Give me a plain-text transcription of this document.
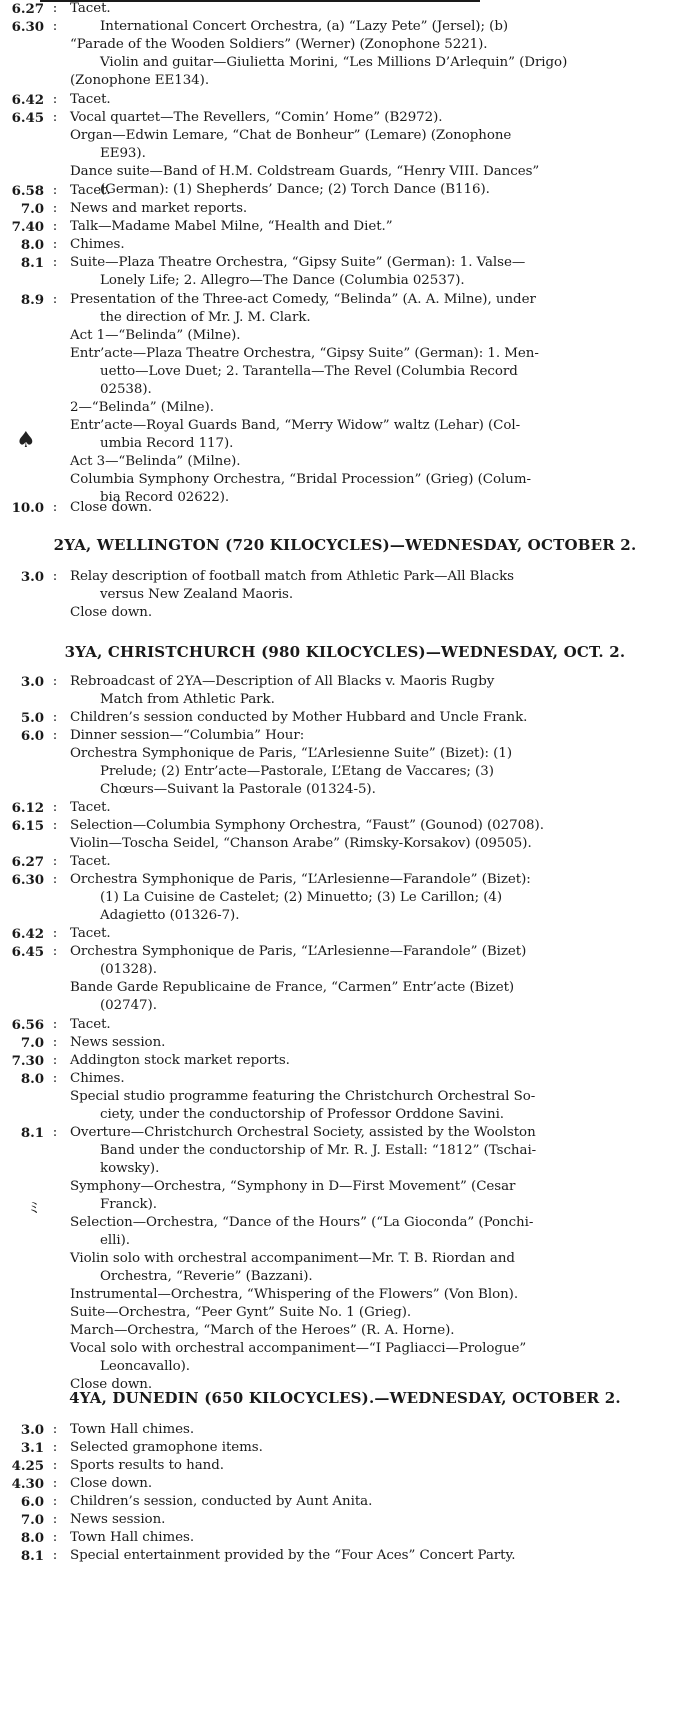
♠
ﾐ
6.27 : Tacet.
6.30 :	International Concert Orchestra, (a) “Lazy Pete” (Jersel); (b)
“Parade of the Wooden Soldiers” (Werner) (Zonophone 5221).
Violin and guitar—Giulietta Morini, “Les Millions D’Arlequin” (Drigo)
(Zonophone EE134).
6.42 : Tacet.
6.45 : Vocal quartet—The Revellers, “Comin’ Home” (B2972).
Organ—Edwin Lemare, “Chat de Bonheur” (Lemare) (Zonophone
EE93).
Dance suite—Band of H.M. Coldstream Guards, “Henry VIII. Dances”
(German): (1) Shepherds’ Dance; (2) Torch Dance (B116).
6.58 : Tacet.
7.0 : News and market reports.
7.40 : Talk—Madame Mabel Milne, “Health and Diet.”
8.0 : Chimes.
8.1 : Suite—Plaza Theatre Orchestra, “Gipsy Suite” (German): 1. Valse—
Lonely Life; 2. Allegro—The Dance (Columbia 02537).
8.9 : Presentation of the Three-act Comedy, “Belinda” (A. A. Milne), under
the direction of Mr. J. M. Clark.
Act 1—“Belinda” (Milne).
Entr’acte—Plaza Theatre Orchestra, “Gipsy Suite” (German): 1. Men-
uetto—Love Duet; 2. Tarantella—The Revel (Columbia Record
02538).
2—“Belinda” (Milne).
Entr’acte—Royal Guards Band, “Merry Widow” waltz (Lehar) (Col-
umbia Record 117).
Act 3—“Belinda” (Milne).
Columbia Symphony Orchestra, “Bridal Procession” (Grieg) (Colum-
bia Record 02622).
10.0 : Close down.
2YA, WELLINGTON (720 KILOCYCLES)—WEDNESDAY, OCTOBER 2.
3.0 : Relay description of football match from Athletic Park—All Blacks
versus New Zealand Maoris.
Close down.
3YA, CHRISTCHURCH (980 KILOCYCLES)—WEDNESDAY, OCT. 2.
3.0 : Rebroadcast of 2YA—Description of All Blacks v. Maoris Rugby
Match from Athletic Park.
5.0 : Children’s session conducted by Mother Hubbard and Uncle Frank.
6.0 : Dinner session—“Columbia” Hour:
Orchestra Symphonique de Paris, “L’Arlesienne Suite” (Bizet): (1)
Prelude; (2) Entr’acte—Pastorale, L’Etang de Vaccares; (3)
Chœurs—Suivant la Pastorale (01324-5).
6.12 : Tacet.
6.15 : Selection—Columbia Symphony Orchestra, “Faust” (Gounod) (02708).
Violin—Toscha Seidel, “Chanson Arabe” (Rimsky-Korsakov) (09505).
6.27 : Tacet.
6.30 : Orchestra Symphonique de Paris, “L’Arlesienne—Farandole” (Bizet):
(1) La Cuisine de Castelet; (2) Minuetto; (3) Le Carillon; (4)
Adagietto (01326-7).
6.42 : Tacet.
6.45 : Orchestra Symphonique de Paris, “L’Arlesienne—Farandole” (Bizet)
(01328).
Bande Garde Republicaine de France, “Carmen” Entr’acte (Bizet)
(02747).
6.56 : Tacet.
7.0 : News session.
7.30 : Addington stock market reports.
8.0 : Chimes.
Special studio programme featuring the Christchurch Orchestral So-
ciety, under the conductorship of Professor Orddone Savini.
8.1 : Overture—Christchurch Orchestral Society, assisted by the Woolston
Band under the conductorship of Mr. R. J. Estall: “1812” (Tschai-
kowsky).
Symphony—Orchestra, “Symphony in D—First Movement” (Cesar
Franck).
Selection—Orchestra, “Dance of the Hours” (“La Gioconda” (Ponchi-
elli).
Violin solo with orchestral accompaniment—Mr. T. B. Riordan and
Orchestra, “Reverie” (Bazzani).
Instrumental—Orchestra, “Whispering of the Flowers” (Von Blon).
Suite—Orchestra, “Peer Gynt” Suite No. 1 (Grieg).
March—Orchestra, “March of the Heroes” (R. A. Horne).
Vocal solo with orchestral accompaniment—“I Pagliacci—Prologue”
Leoncavallo).
Close down.
4YA, DUNEDIN (650 KILOCYCLES).—WEDNESDAY, OCTOBER 2.
3.0 : Town Hall chimes.
3.1 : Selected gramophone items.
4.25 : Sports results to hand.
4.30 : Close down.
6.0 : Children’s session, conducted by Aunt Anita.
7.0 : News session.
8.0 : Town Hall chimes.
8.1 : Special entertainment provided by the “Four Aces” Concert Party.
